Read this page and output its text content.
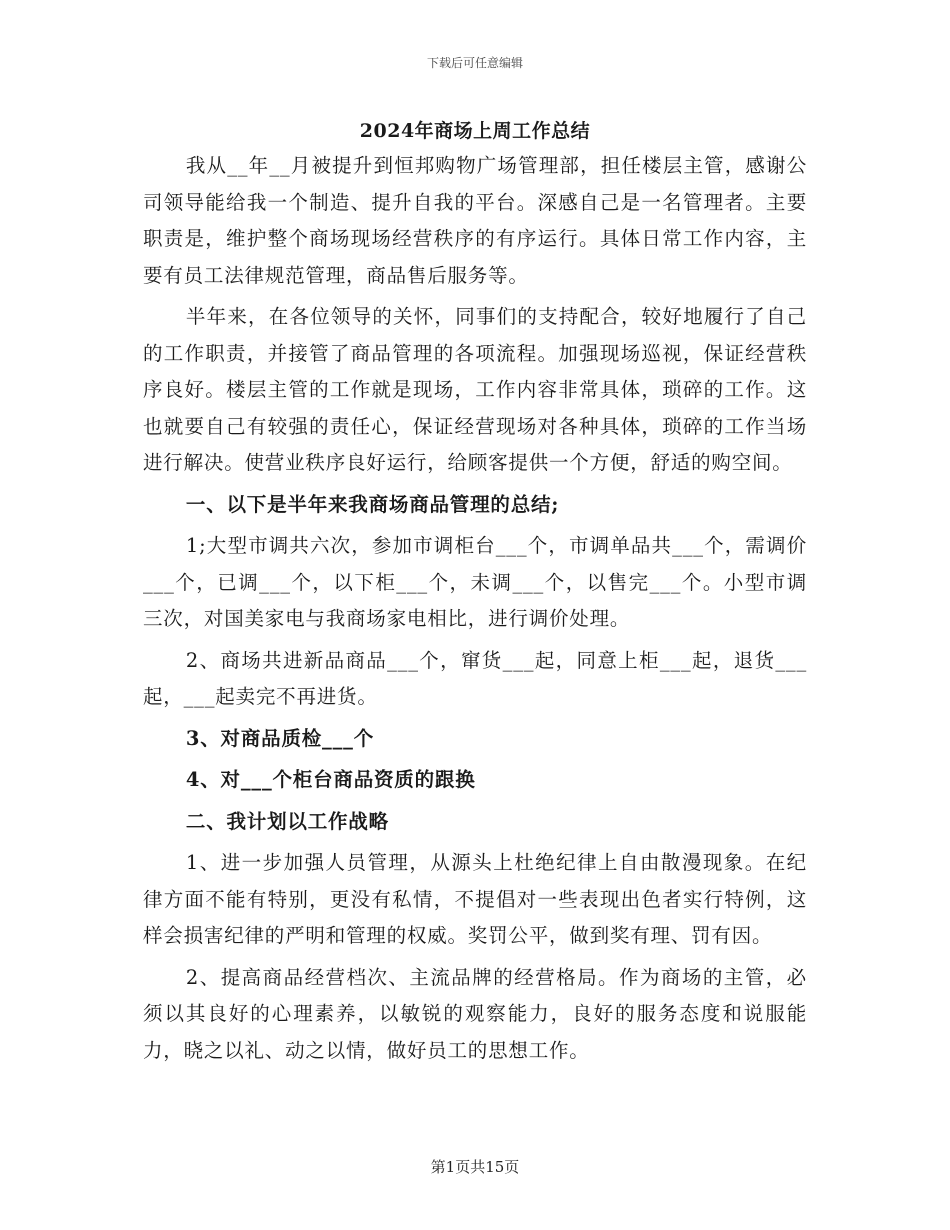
下载后可任意编辑
2024年商场上周工作总结

我从__年__月被提升到恒邦购物广场管理部，担任楼层主管，感谢公司领导能给我一个制造、提升自我的平台。深感自己是一名管理者。主要职责是，维护整个商场现场经营秩序的有序运行。具体日常工作内容，主要有员工法律规范管理，商品售后服务等。

半年来，在各位领导的关怀，同事们的支持配合，较好地履行了自己的工作职责，并接管了商品管理的各项流程。加强现场巡视，保证经营秩序良好。楼层主管的工作就是现场，工作内容非常具体，琐碎的工作。这也就要自己有较强的责任心，保证经营现场对各种具体，琐碎的工作当场进行解决。使营业秩序良好运行，给顾客提供一个方便，舒适的购空间。

一、以下是半年来我商场商品管理的总结;

1;大型市调共六次，参加市调柜台___个，市调单品共___个，需调价___个，已调___个，以下柜___个，未调___个，以售完___个。小型市调三次，对国美家电与我商场家电相比，进行调价处理。

2、商场共进新品商品___个，窜货___起，同意上柜___起，退货___起，___起卖完不再进货。

3、对商品质检___个

4、对___个柜台商品资质的跟换

二、我计划以工作战略

1、进一步加强人员管理，从源头上杜绝纪律上自由散漫现象。在纪律方面不能有特别，更没有私情，不提倡对一些表现出色者实行特例，这样会损害纪律的严明和管理的权威。奖罚公平，做到奖有理、罚有因。

2、提高商品经营档次、主流品牌的经营格局。作为商场的主管，必须以其良好的心理素养，以敏锐的观察能力，良好的服务态度和说服能力，晓之以礼、动之以情，做好员工的思想工作。

第1页共15页
